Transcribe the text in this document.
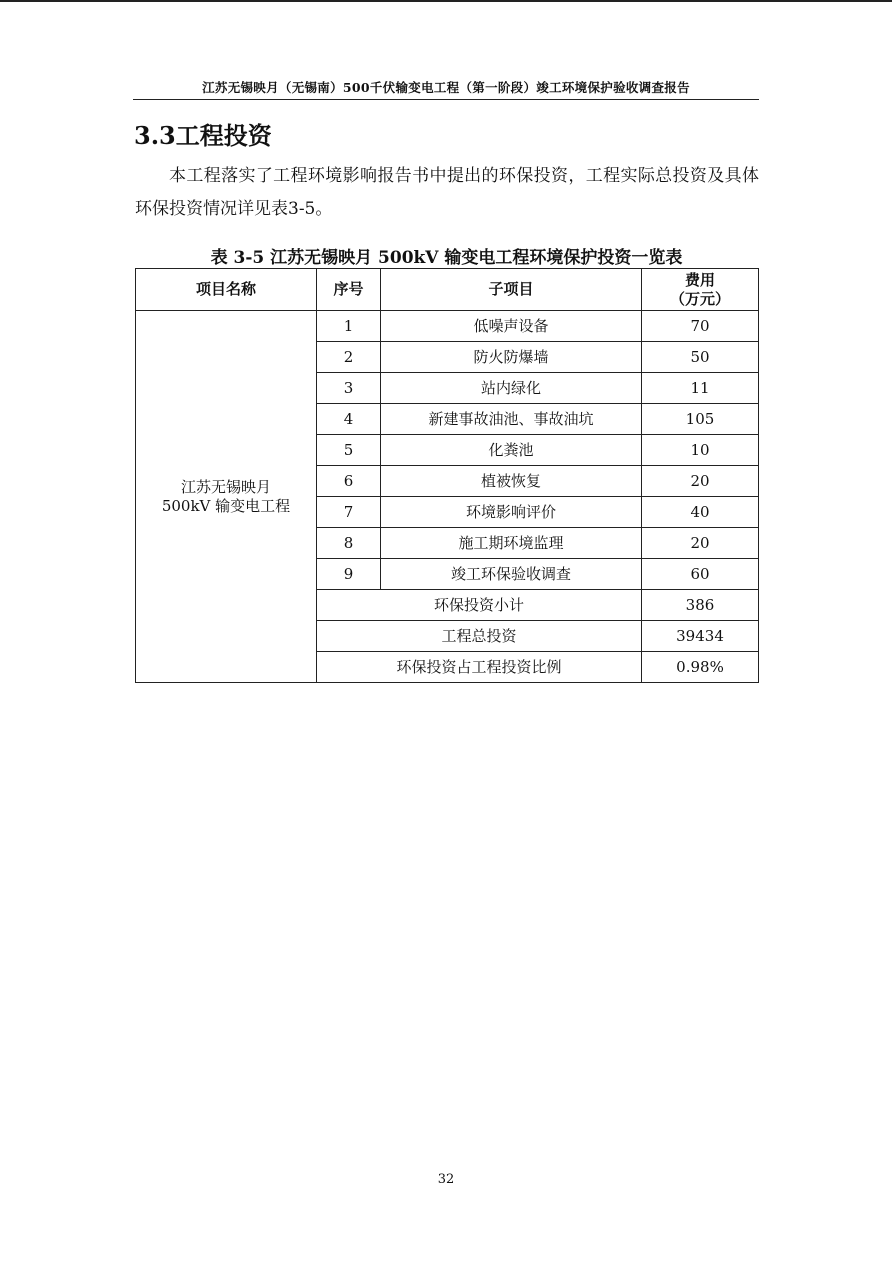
江苏无锡映月（无锡南）500千伏输变电工程（第一阶段）竣工环境保护验收调查报告
3.3工程投资
本工程落实了工程环境影响报告书中提出的环保投资，工程实际总投资及具体环保投资情况详见表3-5。
表 3-5 江苏无锡映月 500kV 输变电工程环境保护投资一览表
项目名称	序号	子项目	费用
（万元）

江苏无锡映月
500kV 输变电工程	1	低噪声设备	70
	2	防火防爆墙	50
	3	站内绿化	11
	4	新建事故油池、事故油坑	105
	5	化粪池	10
	6	植被恢复	20
	7	环境影响评价	40
	8	施工期环境监理	20
	9	竣工环保验收调查	60
	环保投资小计		386
	工程总投资		39434
	环保投资占工程投资比例		0.98%
32
